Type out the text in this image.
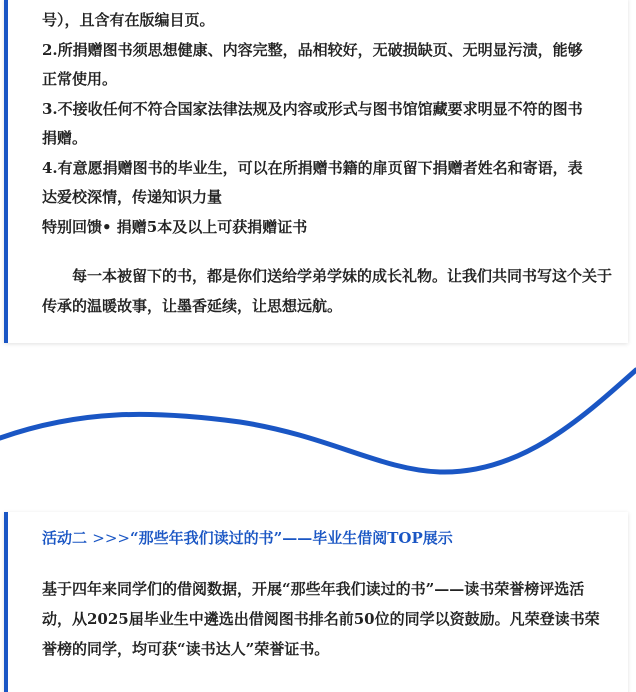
号），且含有在版编目页。
2.所捐赠图书须思想健康、内容完整，品相较好，无破损缺页、无明显污渍，能够
正常使用。
3.不接收任何不符合国家法律法规及内容或形式与图书馆馆藏要求明显不符的图书
捐赠。
4.有意愿捐赠图书的毕业生，可以在所捐赠书籍的扉页留下捐赠者姓名和寄语，表
达爱校深情，传递知识力量
特别回馈• 捐赠5本及以上可获捐赠证书

每一本被留下的书，都是你们送给学弟学妹的成长礼物。让我们共同书写这个关于传承的温暖故事，让墨香延续，让思想远航。

活动二 >>>“那些年我们读过的书”——毕业生借阅TOP展示

基于四年来同学们的借阅数据，开展“那些年我们读过的书”——读书荣誉榜评选活动，从2025届毕业生中遴选出借阅图书排名前50位的同学以资鼓励。凡荣登读书荣誉榜的同学，均可获“读书达人”荣誉证书。
